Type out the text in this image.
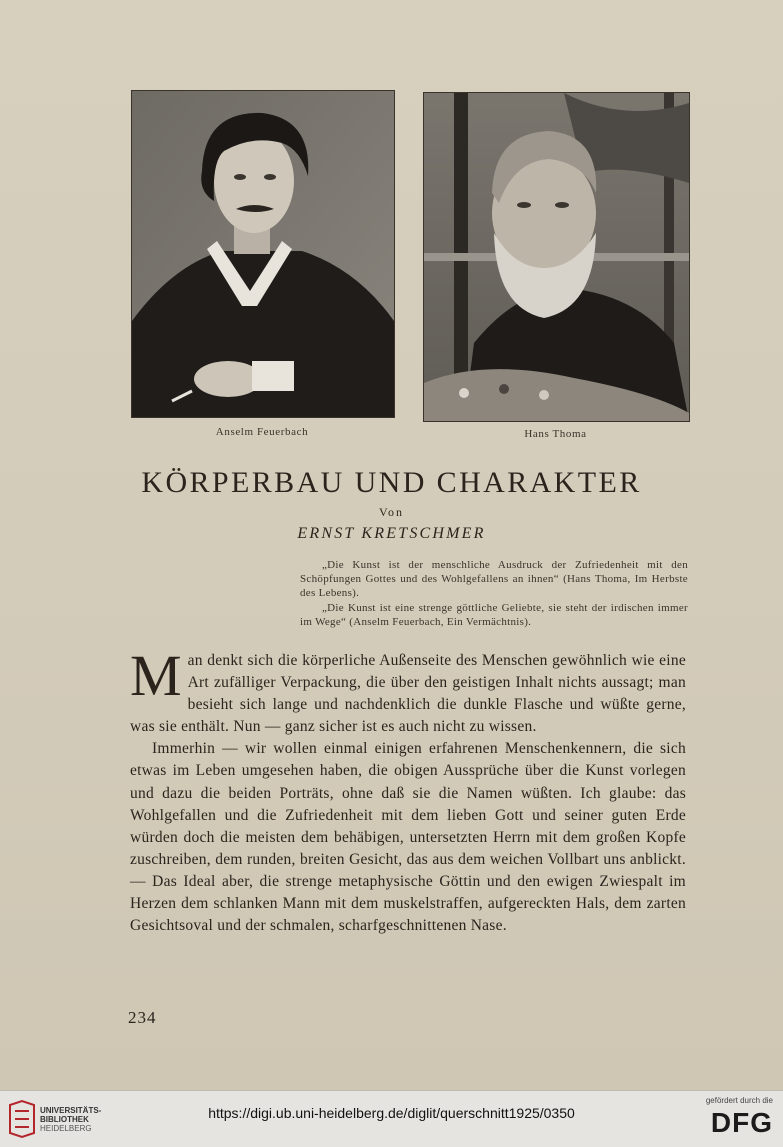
Anselm Feuerbach	Hans Thoma
KÖRPERBAU UND CHARAKTER
Von
ERNST KRETSCHMER

„Die Kunst ist der menschliche Ausdruck der Zufriedenheit mit den Schöpfungen Gottes und des Wohlgefallens an ihnen“ (Hans Thoma, Im Herbste des Lebens).

„Die Kunst ist eine strenge göttliche Geliebte, sie steht der irdischen immer im Wege“ (Anselm Feuerbach, Ein Vermächtnis).

Man denkt sich die körperliche Außenseite des Menschen gewöhnlich wie eine Art zufälliger Verpackung, die über den geistigen Inhalt nichts aussagt; man besieht sich lange und nachdenklich die dunkle Flasche und wüßte gerne, was sie enthält. Nun — ganz sicher ist es auch nicht zu wissen.

Immerhin — wir wollen einmal einigen erfahrenen Menschenkennern, die sich etwas im Leben umgesehen haben, die obigen Aussprüche über die Kunst vorlegen und dazu die beiden Porträts, ohne daß sie die Namen wüßten. Ich glaube: das Wohlgefallen und die Zufriedenheit mit dem lieben Gott und seiner guten Erde würden doch die meisten dem behäbigen, untersetzten Herrn mit dem großen Kopfe zuschreiben, dem runden, breiten Gesicht, das aus dem weichen Vollbart uns anblickt. — Das Ideal aber, die strenge metaphysische Göttin und den ewigen Zwiespalt im Herzen dem schlanken Mann mit dem muskelstraffen, aufgereckten Hals, dem zarten Gesichtsoval und der schmalen, scharfgeschnittenen Nase.

234
UNIVERSITÄTS-
BIBLIOTHEK
HEIDELBERG
https://digi.ub.uni-heidelberg.de/diglit/querschnitt1925/0350
gefördert durch die
DFG
